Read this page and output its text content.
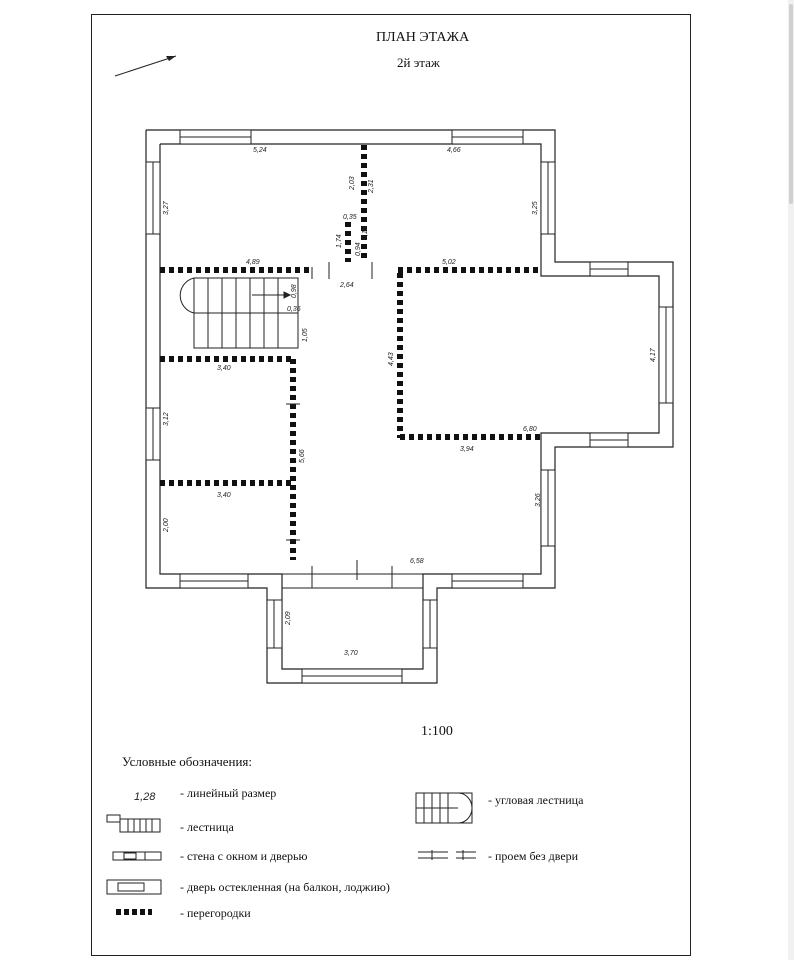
ПЛАН ЭТАЖА
2й этаж
5,24	4,66
3,27	3,25
2,03 2,31
0,35
1,74
0,94
0,16
4,89
2,64
5,02
0,98
0,36
1,05
4,43	4,17
3,40
3,12
5,66
6,80
3,94
3,26
3,40
2,00
6,58
2,09
3,70
1,28
1:100
Условные обозначения:
- линейный размер
- лестница
- стена с окном и дверью
- дверь остекленная (на балкон, лоджию)
- перегородки
- угловая лестница
- проем без двери
